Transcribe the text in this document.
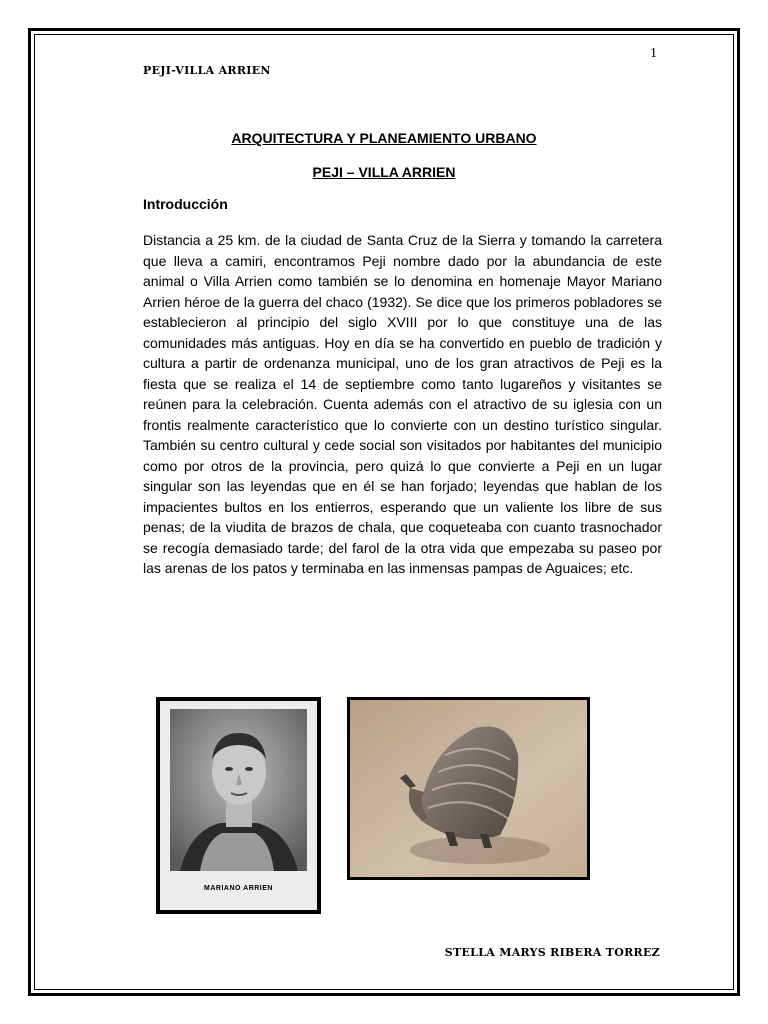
1
PEJI-VILLA ARRIEN
ARQUITECTURA Y PLANEAMIENTO URBANO
PEJI – VILLA ARRIEN
Introducción
Distancia a 25 km. de la ciudad de Santa Cruz de la Sierra y tomando la carretera que lleva a camiri, encontramos Peji nombre dado por la abundancia de este animal o Villa Arrien como también se lo denomina en homenaje Mayor Mariano Arrien héroe de la guerra del chaco (1932). Se dice que los primeros pobladores se establecieron al principio del siglo XVIII por lo que constituye una de las comunidades más antiguas. Hoy en día se ha convertido en pueblo de tradición y cultura a partir de ordenanza municipal, uno de los gran atractivos de Peji es la fiesta que se realiza el 14 de septiembre como tanto lugareños y visitantes se reúnen para la celebración. Cuenta además con el atractivo de su iglesia con un frontis realmente característico que lo convierte con un destino turístico singular. También su centro cultural y cede social son visitados por habitantes del municipio como por otros de la provincia, pero quizá lo que convierte a Peji en un lugar singular son las leyendas que en él se han forjado; leyendas que hablan de los impacientes bultos en los entierros, esperando que un valiente los libre de sus penas; de la viudita de brazos de chala, que coqueteaba con cuanto trasnochador se recogía demasiado tarde; del farol de la otra vida que empezaba su paseo por las arenas de los patos y terminaba en las inmensas pampas de Aguaices; etc.
MARIANO ARRIEN
STELLA MARYS RIBERA TORREZ
